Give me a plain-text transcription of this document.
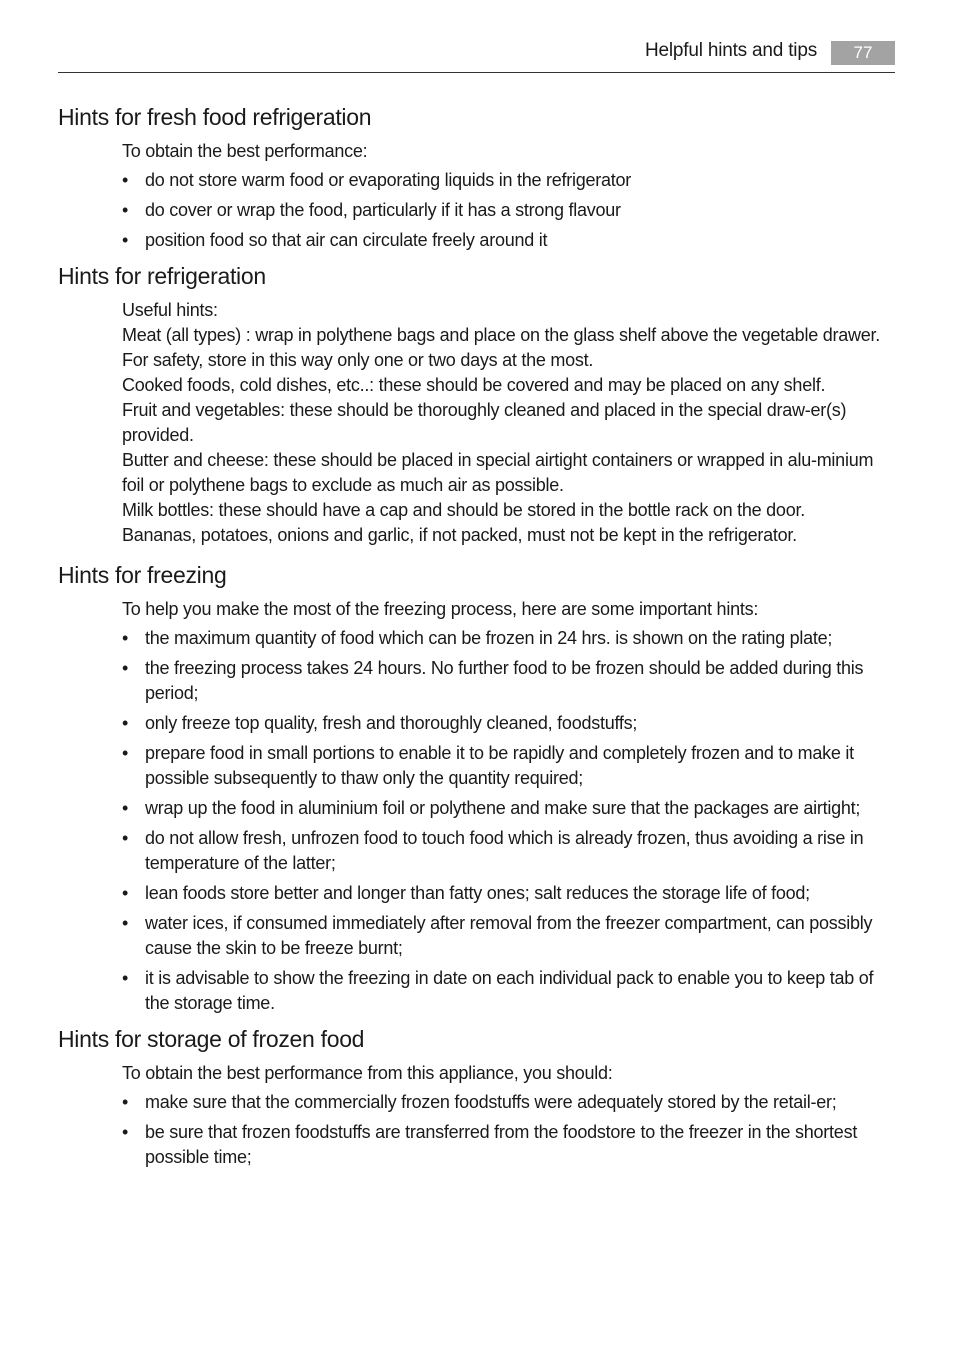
Helpful hints and tips	77
Hints for fresh food refrigeration
To obtain the best performance:
• do not store warm food or evaporating liquids in the refrigerator
• do cover or wrap the food, particularly if it has a strong flavour
• position food so that air can circulate freely around it
Hints for refrigeration

Useful hints:

Meat (all types) : wrap in polythene bags and place on the glass shelf above the vegetable drawer.

For safety, store in this way only one or two days at the most.

Cooked foods, cold dishes, etc..: these should be covered and may be placed on any shelf.

Fruit and vegetables: these should be thoroughly cleaned and placed in the special draw-er(s) provided.

Butter and cheese: these should be placed in special airtight containers or wrapped in alu-minium foil or polythene bags to exclude as much air as possible.

Milk bottles: these should have a cap and should be stored in the bottle rack on the door.

Bananas, potatoes, onions and garlic, if not packed, must not be kept in the refrigerator.

Hints for freezing
To help you make the most of the freezing process, here are some important hints:
• the maximum quantity of food which can be frozen in 24 hrs. is shown on the rating plate;
• the freezing process takes 24 hours. No further food to be frozen should be added during this period;
• only freeze top quality, fresh and thoroughly cleaned, foodstuffs;
• prepare food in small portions to enable it to be rapidly and completely frozen and to make it possible subsequently to thaw only the quantity required;
• wrap up the food in aluminium foil or polythene and make sure that the packages are airtight;
• do not allow fresh, unfrozen food to touch food which is already frozen, thus avoiding a rise in temperature of the latter;
• lean foods store better and longer than fatty ones; salt reduces the storage life of food;
• water ices, if consumed immediately after removal from the freezer compartment, can possibly cause the skin to be freeze burnt;
• it is advisable to show the freezing in date on each individual pack to enable you to keep tab of the storage time.
Hints for storage of frozen food
To obtain the best performance from this appliance, you should:
• make sure that the commercially frozen foodstuffs were adequately stored by the retail-er;
• be sure that frozen foodstuffs are transferred from the foodstore to the freezer in the shortest possible time;
